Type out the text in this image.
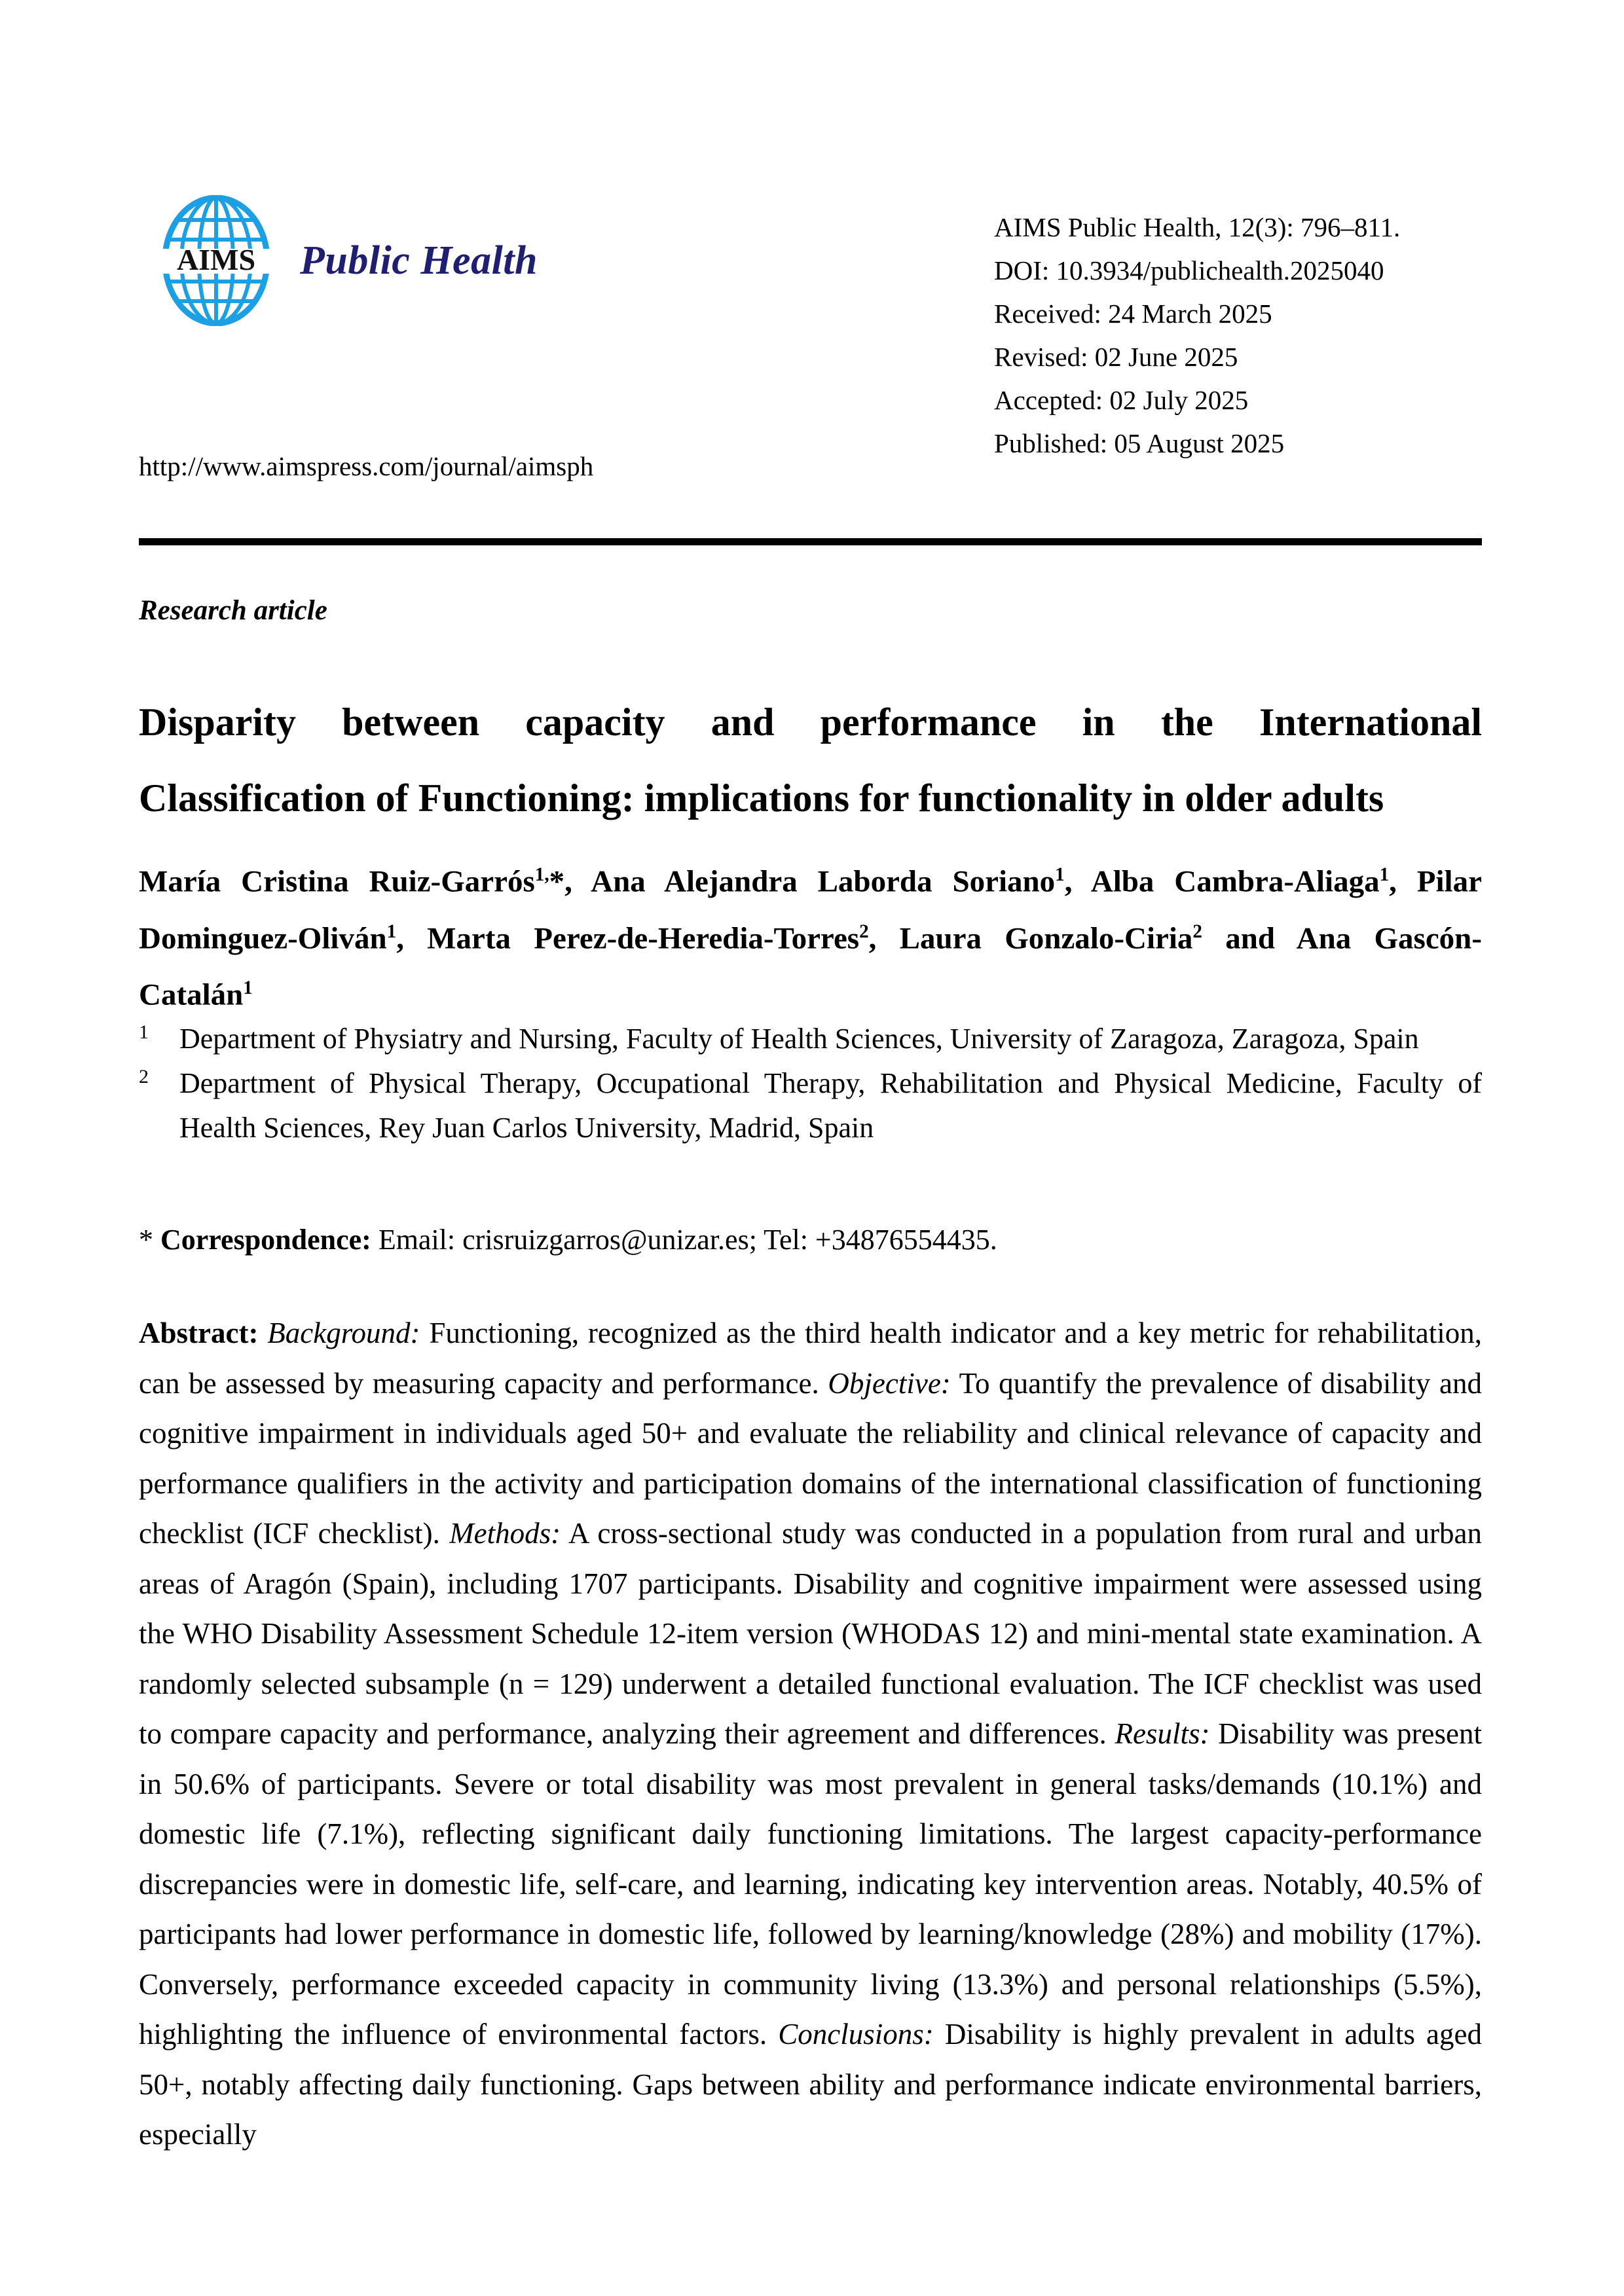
AIMS Public Health
AIMS Public Health, 12(3): 796–811.
DOI: 10.3934/publichealth.2025040
Received: 24 March 2025
Revised: 02 June 2025
Accepted: 02 July 2025
Published: 05 August 2025
http://www.aimspress.com/journal/aimsph
Research article
Disparity between capacity and performance in the International
Classification of Functioning: implications for functionality in older adults
María Cristina Ruiz-Garrós$^{1,}$*, Ana Alejandra Laborda Soriano$^1$, Alba Cambra-Aliaga$^1$, Pilar Dominguez-Oliván$^1$, Marta Perez-de-Heredia-Torres$^2$, Laura Gonzalo-Ciria$^2$ and Ana Gascón-Catalán$^1$
1 Department of Physiatry and Nursing, Faculty of Health Sciences, University of Zaragoza, Zaragoza, Spain
2 Department of Physical Therapy, Occupational Therapy, Rehabilitation and Physical Medicine, Faculty of Health Sciences, Rey Juan Carlos University, Madrid, Spain
* Correspondence: Email: crisruizgarros@unizar.es; Tel: +34876554435.
Abstract: Background: Functioning, recognized as the third health indicator and a key metric for rehabilitation, can be assessed by measuring capacity and performance. Objective: To quantify the prevalence of disability and cognitive impairment in individuals aged 50+ and evaluate the reliability and clinical relevance of capacity and performance qualifiers in the activity and participation domains of the international classification of functioning checklist (ICF checklist). Methods: A cross-sectional study was conducted in a population from rural and urban areas of Aragón (Spain), including 1707 participants. Disability and cognitive impairment were assessed using the WHO Disability Assessment Schedule 12-item version (WHODAS 12) and mini-mental state examination. A randomly selected subsample (n = 129) underwent a detailed functional evaluation. The ICF checklist was used to compare capacity and performance, analyzing their agreement and differences. Results: Disability was present in 50.6% of participants. Severe or total disability was most prevalent in general tasks/demands (10.1%) and domestic life (7.1%), reflecting significant daily functioning limitations. The largest capacity-performance discrepancies were in domestic life, self-care, and learning, indicating key intervention areas. Notably, 40.5% of participants had lower performance in domestic life, followed by learning/knowledge (28%) and mobility (17%). Conversely, performance exceeded capacity in community living (13.3%) and personal relationships (5.5%), highlighting the influence of environmental factors. Conclusions: Disability is highly prevalent in adults aged 50+, notably affecting daily functioning. Gaps between ability and performance indicate environmental barriers, especially
